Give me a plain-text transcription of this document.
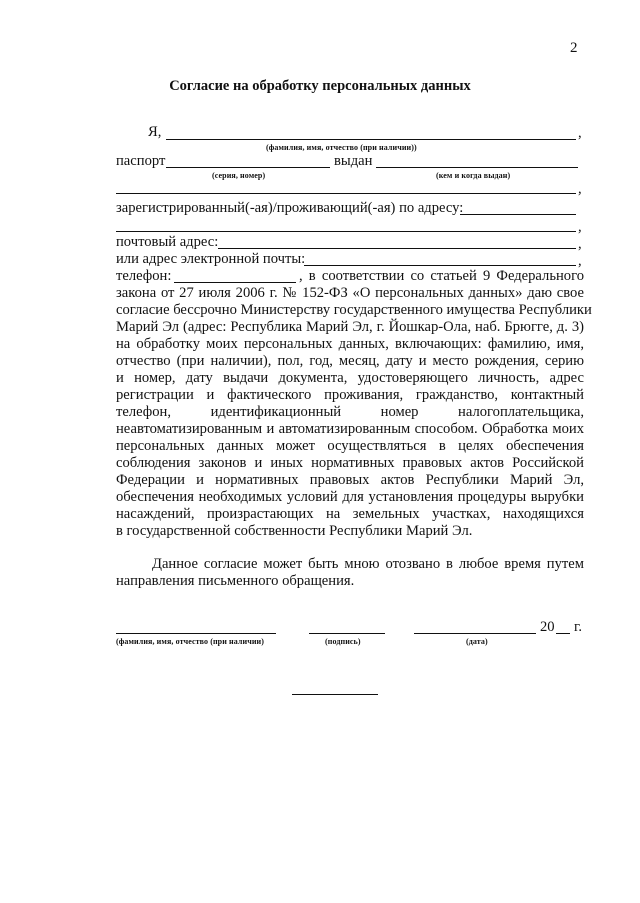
2
Согласие на обработку персональных данных
Я,	,
(фамилия, имя, отчество (при наличии))
паспорт	выдан
(серия, номер)	(кем и когда выдан)
,
зарегистрированный(-ая)/проживающий(-ая) по адресу:
,
почтовый адрес:	,
или адрес электронной почты:	,
телефон:	, в соответствии со статьей 9 Федерального
закона от 27 июля 2006 г. № 152-ФЗ «О персональных данных» даю свое
согласие бессрочно Министерству государственного имущества Республики
Марий Эл (адрес: Республика Марий Эл, г. Йошкар-Ола, наб. Брюгге, д. 3)
на обработку моих персональных данных, включающих: фамилию, имя,
отчество (при наличии), пол, год, месяц, дату и место рождения, серию
и номер, дату выдачи документа, удостоверяющего личность, адрес
регистрации и фактического проживания, гражданство, контактный
телефон, идентификационный номер налогоплательщика,
неавтоматизированным и автоматизированным способом. Обработка моих
персональных данных может осуществляться в целях обеспечения
соблюдения законов и иных нормативных правовых актов Российской
Федерации и нормативных правовых актов Республики Марий Эл,
обеспечения необходимых условий для установления процедуры вырубки
насаждений, произрастающих на земельных участках, находящихся
в государственной собственности Республики Марий Эл.
Данное согласие может быть мною отозвано в любое время путем
направления письменного обращения.
20 г.
(фамилия, имя, отчество (при наличии)	(подпись)	(дата)
